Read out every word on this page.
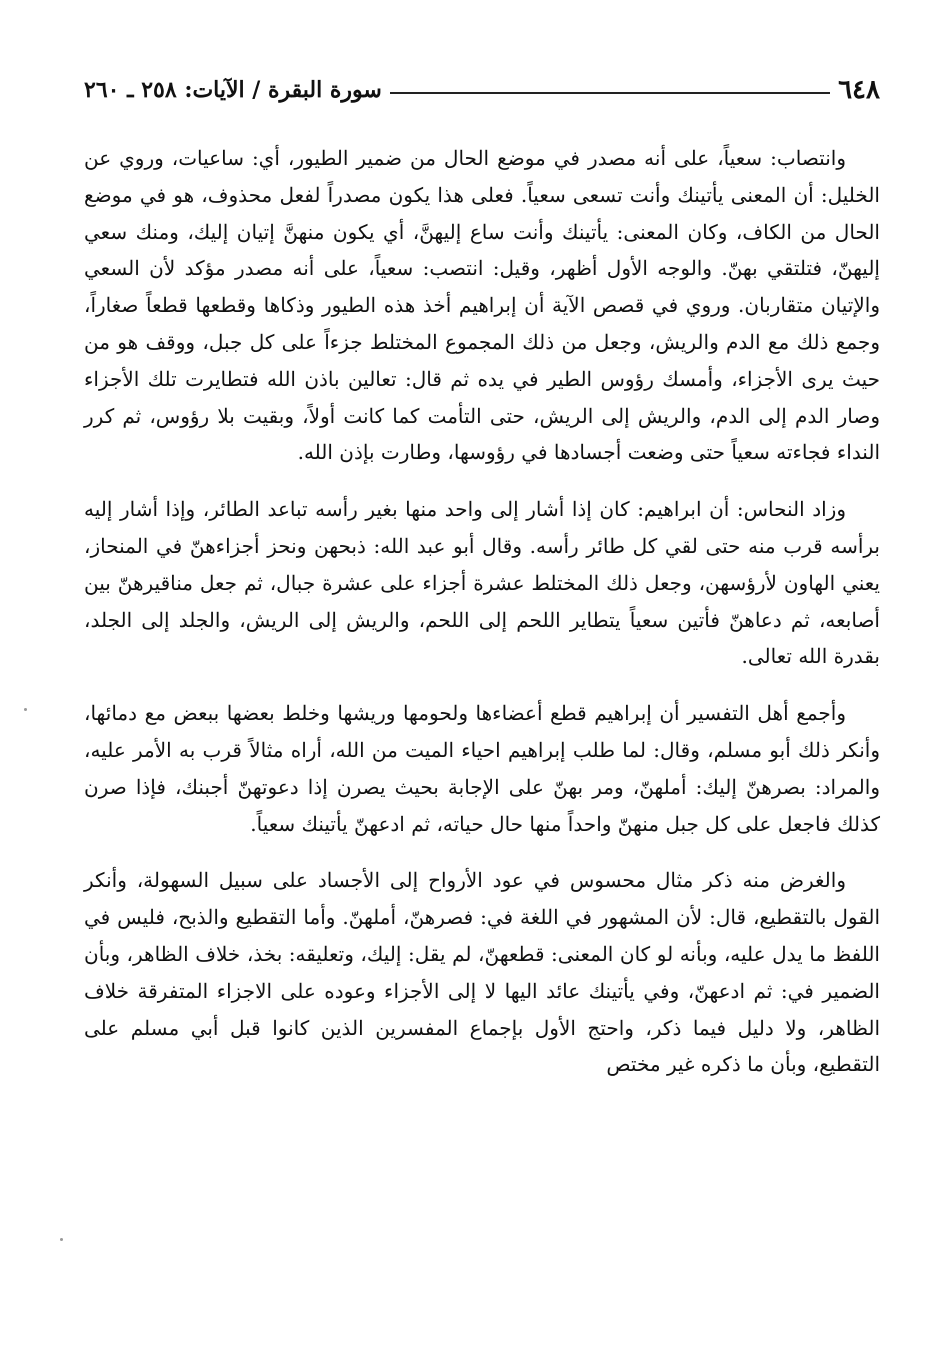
٦٤٨
سورة البقرة / الآيات: ٢٥٨ ـ ٢٦٠

وانتصاب: سعياً، على أنه مصدر في موضع الحال من ضمير الطيور، أي: ساعيات، وروي عن الخليل: أن المعنى يأتينك وأنت تسعى سعياً. فعلى هذا يكون مصدراً لفعل محذوف، هو في موضع الحال من الكاف، وكان المعنى: يأتينك وأنت ساع إليهنَّ، أي يكون منهنَّ إتيان إليك، ومنك سعي إليهنّ، فتلتقي بهنّ. والوجه الأول أظهر، وقيل: انتصب: سعياً، على أنه مصدر مؤكد لأن السعي والإتيان متقاربان. وروي في قصص الآية أن إبراهيم أخذ هذه الطيور وذكاها وقطعها قطعاً صغاراً، وجمع ذلك مع الدم والريش، وجعل من ذلك المجموع المختلط جزءاً على كل جبل، ووقف هو من حيث يرى الأجزاء، وأمسك رؤوس الطير في يده ثم قال: تعالين باذن الله فتطايرت تلك الأجزاء وصار الدم إلى الدم، والريش إلى الريش، حتى التأمت كما كانت أولاً، وبقيت بلا رؤوس، ثم كرر النداء فجاءته سعياً حتى وضعت أجسادها في رؤوسها، وطارت بإذن الله.

وزاد النحاس: أن ابراهيم: كان إذا أشار إلى واحد منها بغير رأسه تباعد الطائر، وإذا أشار إليه برأسه قرب منه حتى لقي كل طائر رأسه. وقال أبو عبد الله: ذبحهن ونحز أجزاءهنّ في المنحاز، يعني الهاون لأرؤسهن، وجعل ذلك المختلط عشرة أجزاء على عشرة جبال، ثم جعل مناقيرهنّ بين أصابعه، ثم دعاهنّ فأتين سعياً يتطاير اللحم إلى اللحم، والريش إلى الريش، والجلد إلى الجلد، بقدرة الله تعالى.

وأجمع أهل التفسير أن إبراهيم قطع أعضاءها ولحومها وريشها وخلط بعضها ببعض مع دمائها، وأنكر ذلك أبو مسلم، وقال: لما طلب إبراهيم احياء الميت من الله، أراه مثالاً قرب به الأمر عليه، والمراد: بصرهنّ إليك: أملهنّ، ومر بهنّ على الإجابة بحيث يصرن إذا دعوتهنّ أجبنك، فإذا صرن كذلك فاجعل على كل جبل منهنّ واحداً منها حال حياته، ثم ادعهنّ يأتينك سعياً.

والغرض منه ذكر مثال محسوس في عود الأرواح إلى الأجساد على سبيل السهولة، وأنكر القول بالتقطيع، قال: لأن المشهور في اللغة في: فصرهنّ، أملهنّ. وأما التقطيع والذبح، فليس في اللفظ ما يدل عليه، وبأنه لو كان المعنى: قطعهنّ، لم يقل: إليك، وتعليقه: بخذ، خلاف الظاهر، وبأن الضمير في: ثم ادعهنّ، وفي يأتينك عائد اليها لا إلى الأجزاء وعوده على الاجزاء المتفرقة خلاف الظاهر، ولا دليل فيما ذكر، واحتج الأول بإجماع المفسرين الذين كانوا قبل أبي مسلم على التقطيع، وبأن ما ذكره غير مختص
